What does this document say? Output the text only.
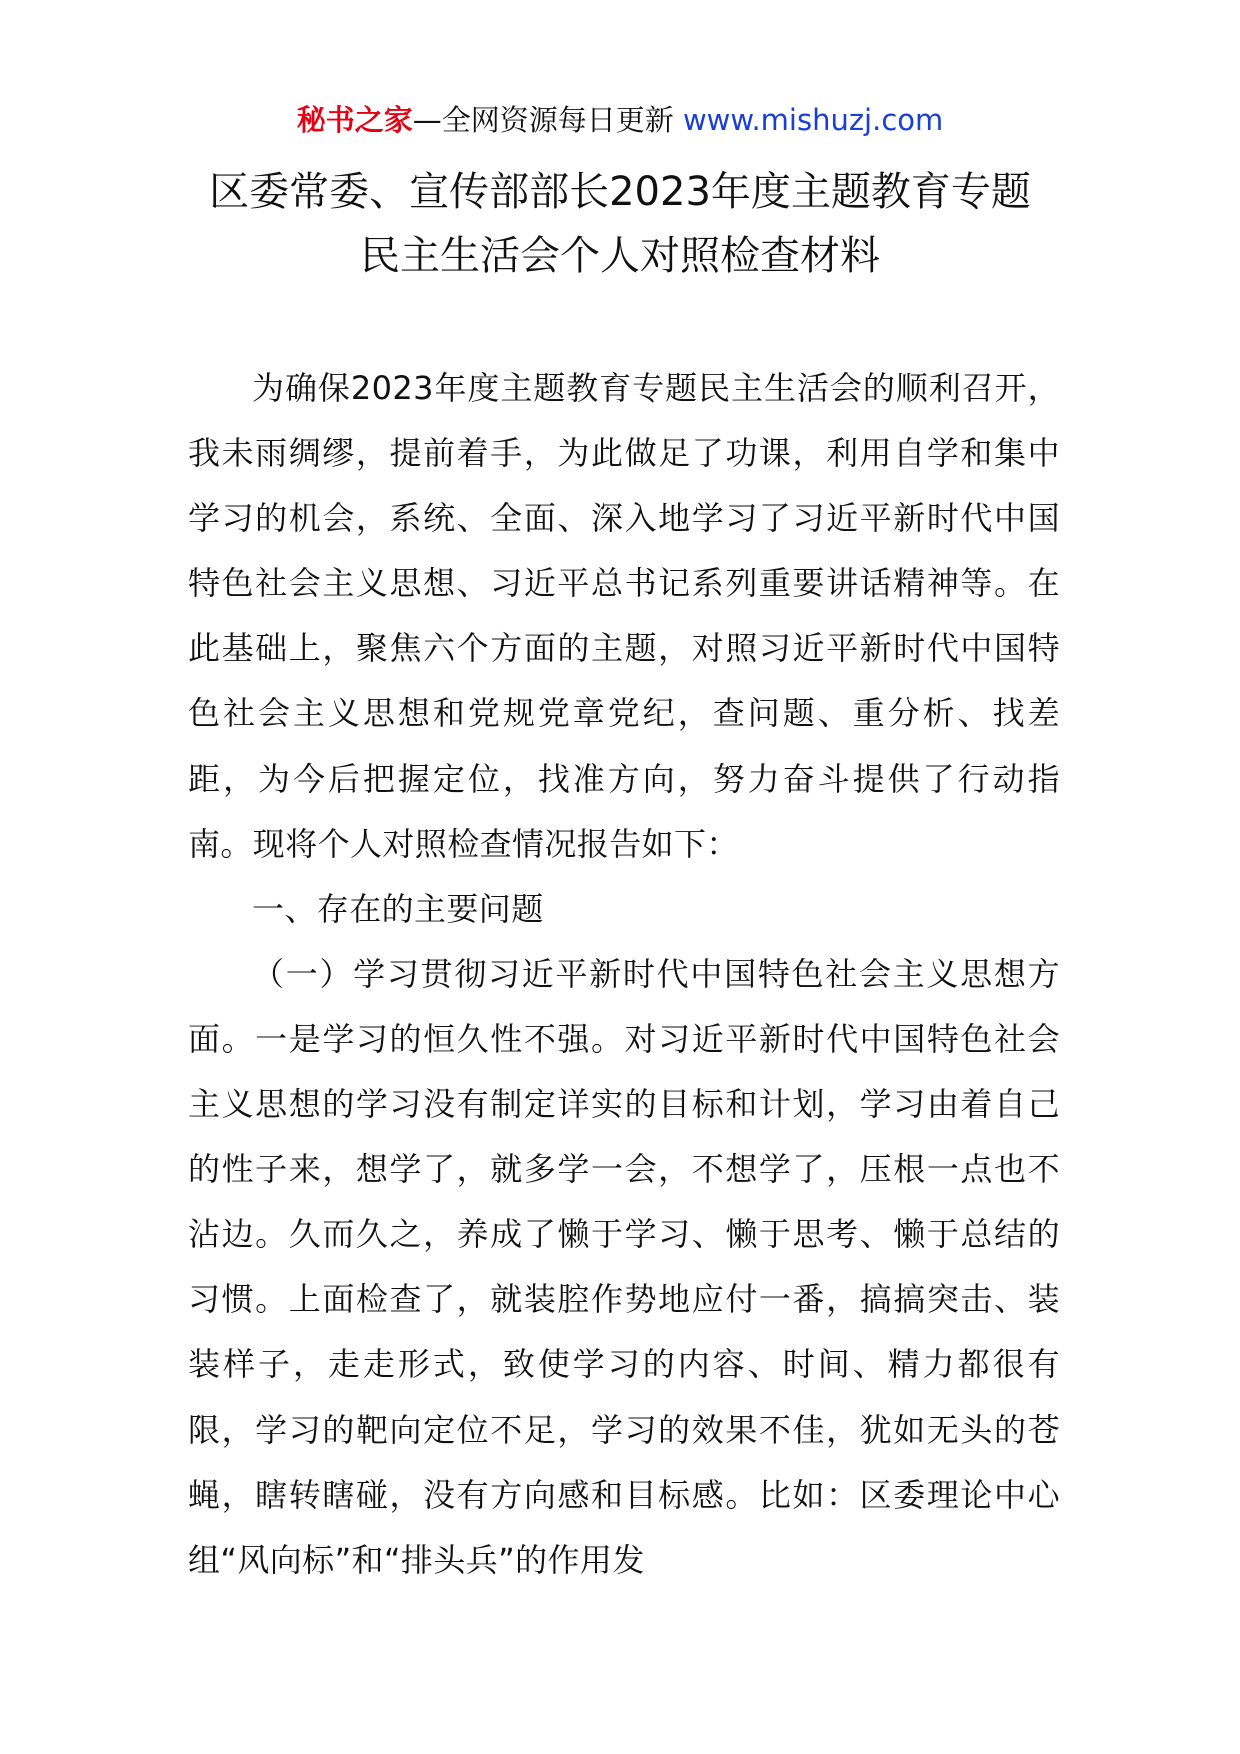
秘书之家—全网资源每日更新 www.mishuzj.com
区委常委、宣传部部长2023年度主题教育专题
民主生活会个人对照检查材料

为确保2023年度主题教育专题民主生活会的顺利召开，我未雨绸缪，提前着手，为此做足了功课，利用自学和集中学习的机会，系统、全面、深入地学习了习近平新时代中国特色社会主义思想、习近平总书记系列重要讲话精神等。在此基础上，聚焦六个方面的主题，对照习近平新时代中国特色社会主义思想和党规党章党纪，查问题、重分析、找差距，为今后把握定位，找准方向，努力奋斗提供了行动指南。现将个人对照检查情况报告如下：

一、存在的主要问题

（一）学习贯彻习近平新时代中国特色社会主义思想方面。一是学习的恒久性不强。对习近平新时代中国特色社会主义思想的学习没有制定详实的目标和计划，学习由着自己的性子来，想学了，就多学一会，不想学了，压根一点也不沾边。久而久之，养成了懒于学习、懒于思考、懒于总结的习惯。上面检查了，就装腔作势地应付一番，搞搞突击、装装样子，走走形式，致使学习的内容、时间、精力都很有限，学习的靶向定位不足，学习的效果不佳，犹如无头的苍蝇，瞎转瞎碰，没有方向感和目标感。比如：区委理论中心组“风向标”和“排头兵”的作用发
